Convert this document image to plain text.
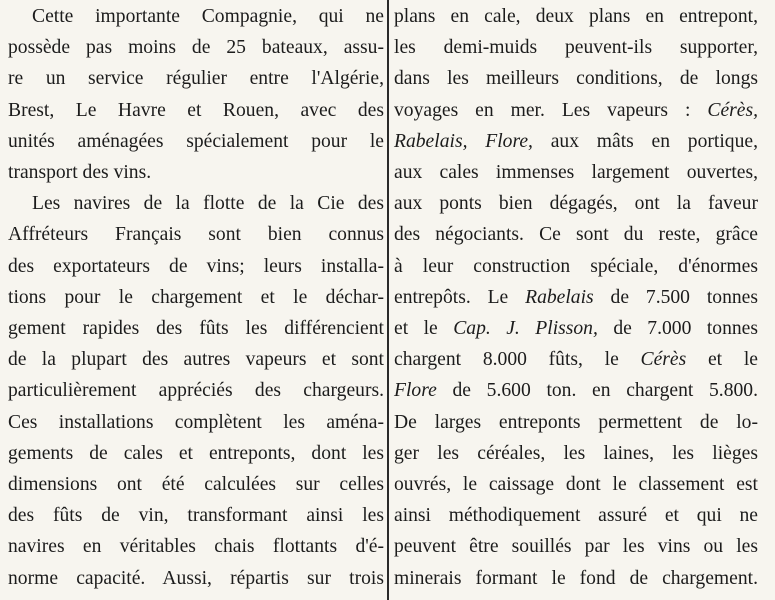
Cette importante Compagnie, qui ne
possède pas moins de 25 bateaux, assu-
re un service régulier entre l'Algérie,
Brest, Le Havre et Rouen, avec des
unités aménagées spécialement pour le
transport des vins.
Les navires de la flotte de la Cie des
Affréteurs Français sont bien connus
des exportateurs de vins; leurs installa-
tions pour le chargement et le déchar-
gement rapides des fûts les différencient
de la plupart des autres vapeurs et sont
particulièrement appréciés des chargeurs.
Ces installations complètent les aména-
gements de cales et entreponts, dont les
dimensions ont été calculées sur celles
des fûts de vin, transformant ainsi les
navires en véritables chais flottants d'é-
norme capacité. Aussi, répartis sur trois
plans en cale, deux plans en entrepont,
les demi-muids peuvent-ils supporter,
dans les meilleurs conditions, de longs
voyages en mer. Les vapeurs : Cérès,
Rabelais, Flore, aux mâts en portique,
aux cales immenses largement ouvertes,
aux ponts bien dégagés, ont la faveur
des négociants. Ce sont du reste, grâce
à leur construction spéciale, d'énormes
entrepôts. Le Rabelais de 7.500 tonnes
et le Cap. J. Plisson, de 7.000 tonnes
chargent 8.000 fûts, le Cérès et le
Flore de 5.600 ton. en chargent 5.800.
De larges entreponts permettent de lo-
ger les céréales, les laines, les lièges
ouvrés, le caissage dont le classement est
ainsi méthodiquement assuré et qui ne
peuvent être souillés par les vins ou les
minerais formant le fond de chargement.
